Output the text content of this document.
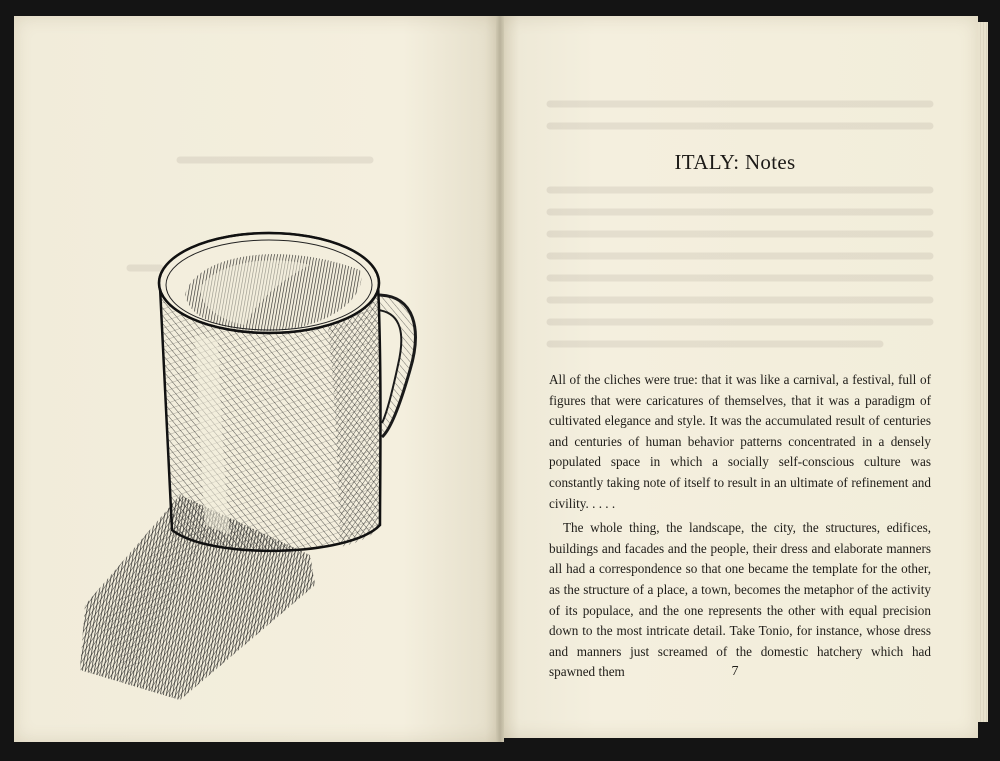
ITALY: Notes

All of the cliches were true: that it was like a carnival, a festival, full of figures that were caricatures of themselves, that it was a paradigm of cultivated elegance and style. It was the accumulated result of centuries and centuries of human behavior patterns concentrated in a densely populated space in which a socially self-conscious culture was constantly taking note of itself to result in an ultimate of refinement and civility. . . . .

The whole thing, the landscape, the city, the structures, edifices, buildings and facades and the people, their dress and elaborate manners all had a correspondence so that one became the template for the other, as the structure of a place, a town, becomes the metaphor of the activity of its populace, and the one represents the other with equal precision down to the most intricate detail. Take Tonio, for instance, whose dress and manners just screamed of the domestic hatchery which had spawned them	7
